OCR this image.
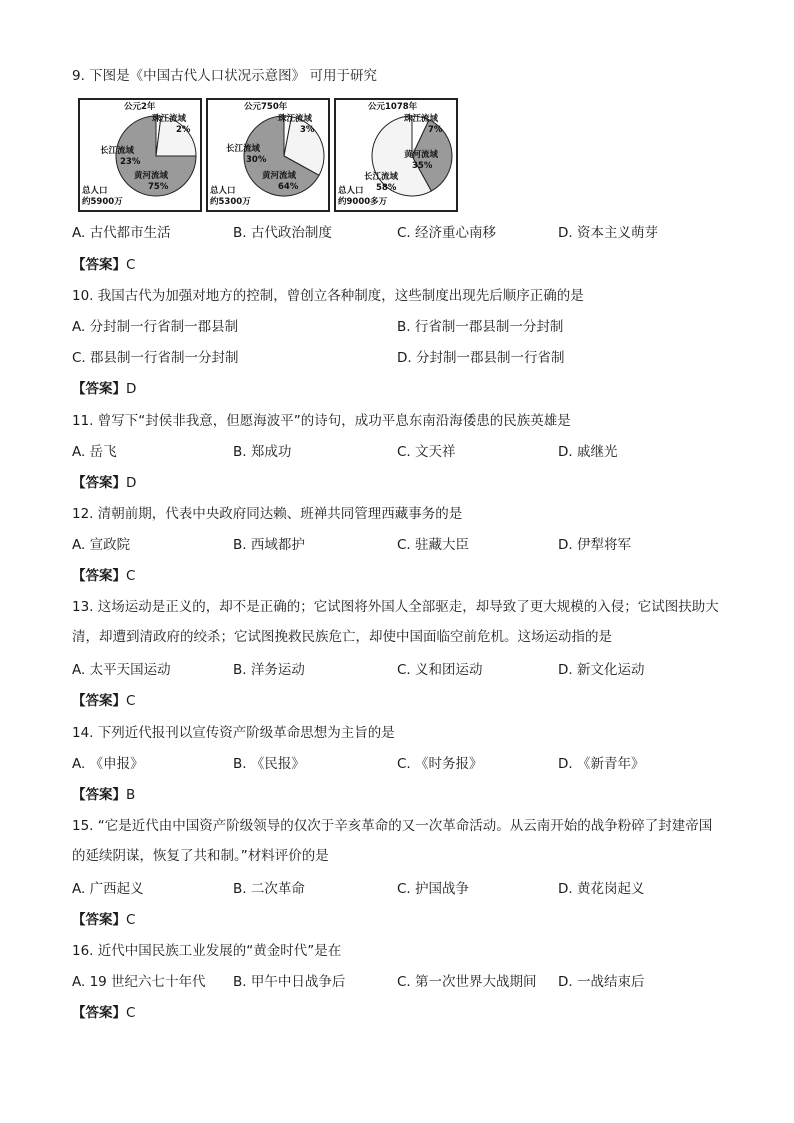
9. 下图是《中国古代人口状况示意图》 可用于研究
公元2年
珠江流域
2%
长江流域
23%
黄河流域
75%
总人口
约5900万
公元750年
珠江流域
3%
长江流域
30%
黄河流域
64%
总人口
约5300万
公元1078年
珠江流域
7%
黄河流域
35%
长江流域
58%
总人口
约9000多万
A. 古代都市生活	B. 古代政治制度	C. 经济重心南移	D. 资本主义萌芽
【答案】C
10. 我国古代为加强对地方的控制，曾创立各种制度，这些制度出现先后顺序正确的是
A. 分封制一行省制一郡县制	B. 行省制一郡县制一分封制
C. 郡县制一行省制一分封制	D. 分封制一郡县制一行省制
【答案】D
11. 曾写下“封侯非我意，但愿海波平”的诗句，成功平息东南沿海倭患的民族英雄是
A. 岳飞	B. 郑成功	C. 文天祥	D. 戚继光
【答案】D
12. 清朝前期，代表中央政府同达赖、班禅共同管理西藏事务的是
A. 宣政院	B. 西域都护	C. 驻藏大臣	D. 伊犁将军
【答案】C
13. 这场运动是正义的，却不是正确的；它试图将外国人全部驱走，却导致了更大规模的入侵；它试图扶助大清，却遭到清政府的绞杀；它试图挽救民族危亡，却使中国面临空前危机。这场运动指的是
A. 太平天国运动	B. 洋务运动	C. 义和团运动	D. 新文化运动
【答案】C
14. 下列近代报刊以宣传资产阶级革命思想为主旨的是
A. 《申报》	B. 《民报》	C. 《时务报》	D. 《新青年》
【答案】B
15. “它是近代由中国资产阶级领导的仅次于辛亥革命的又一次革命活动。从云南开始的战争粉碎了封建帝国的延续阴谋，恢复了共和制。”材料评价的是
A. 广西起义	B. 二次革命	C. 护国战争	D. 黄花岗起义
【答案】C
16. 近代中国民族工业发展的“黄金时代”是在
A. 19 世纪六七十年代 B. 甲午中日战争后	C. 第一次世界大战期间 D. 一战结束后
【答案】C
